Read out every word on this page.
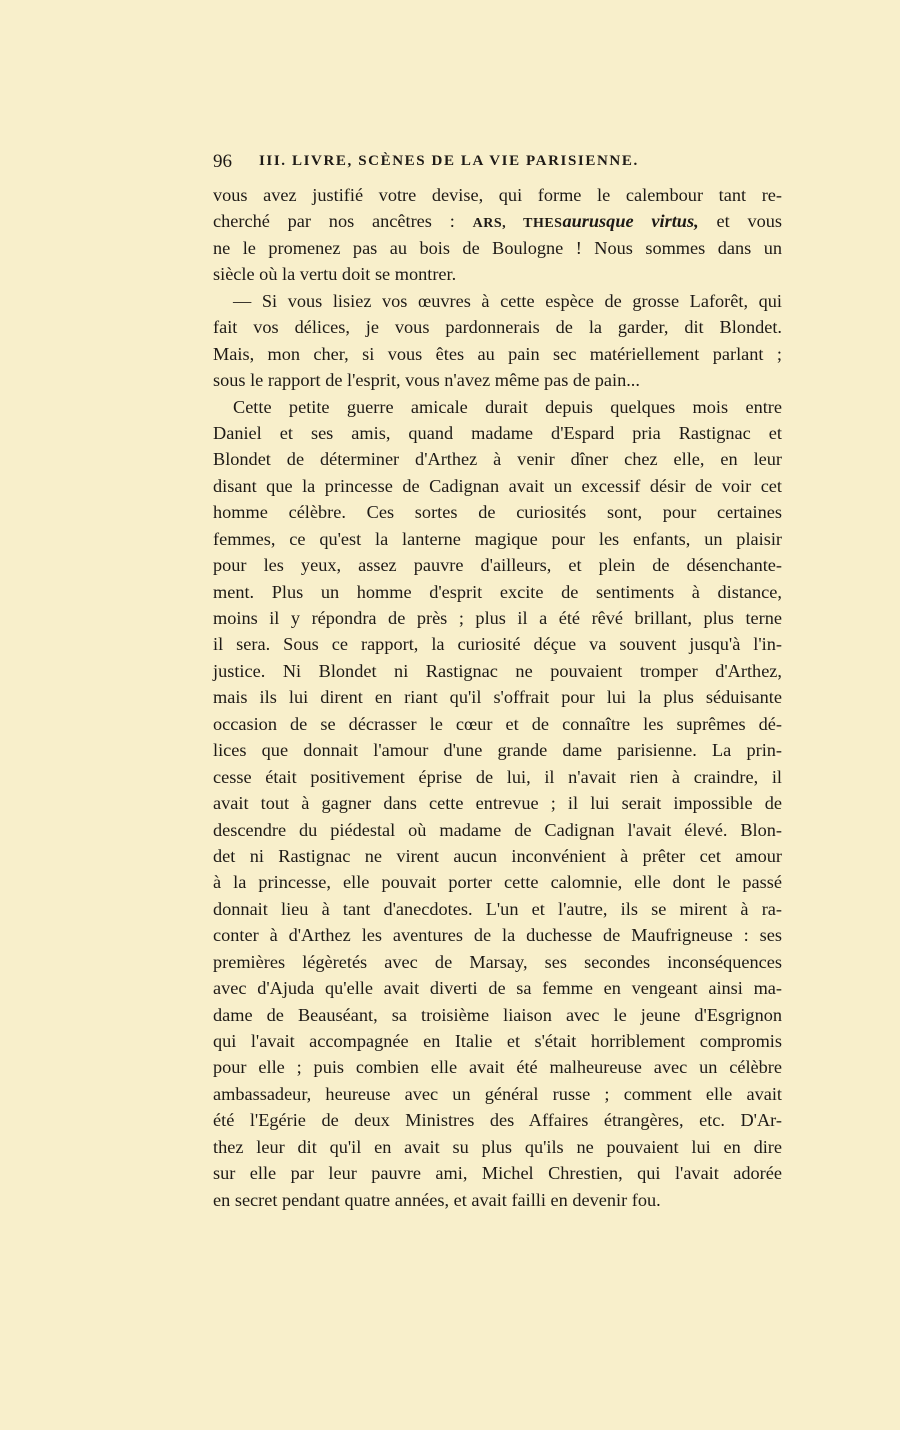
96 III. LIVRE, SCÈNES DE LA VIE PARISIENNE.
vous avez justifié votre devise, qui forme le calembour tant re-
cherché par nos ancêtres : ARS, THESaurusque virtus, et vous
ne le promenez pas au bois de Boulogne ! Nous sommes dans un
siècle où la vertu doit se montrer.
— Si vous lisiez vos œuvres à cette espèce de grosse Laforêt, qui
fait vos délices, je vous pardonnerais de la garder, dit Blondet.
Mais, mon cher, si vous êtes au pain sec matériellement parlant ;
sous le rapport de l'esprit, vous n'avez même pas de pain...
Cette petite guerre amicale durait depuis quelques mois entre
Daniel et ses amis, quand madame d'Espard pria Rastignac et
Blondet de déterminer d'Arthez à venir dîner chez elle, en leur
disant que la princesse de Cadignan avait un excessif désir de voir cet
homme célèbre. Ces sortes de curiosités sont, pour certaines
femmes, ce qu'est la lanterne magique pour les enfants, un plaisir
pour les yeux, assez pauvre d'ailleurs, et plein de désenchante-
ment. Plus un homme d'esprit excite de sentiments à distance,
moins il y répondra de près ; plus il a été rêvé brillant, plus terne
il sera. Sous ce rapport, la curiosité déçue va souvent jusqu'à l'in-
justice. Ni Blondet ni Rastignac ne pouvaient tromper d'Arthez,
mais ils lui dirent en riant qu'il s'offrait pour lui la plus séduisante
occasion de se décrasser le cœur et de connaître les suprêmes dé-
lices que donnait l'amour d'une grande dame parisienne. La prin-
cesse était positivement éprise de lui, il n'avait rien à craindre, il
avait tout à gagner dans cette entrevue ; il lui serait impossible de
descendre du piédestal où madame de Cadignan l'avait élevé. Blon-
det ni Rastignac ne virent aucun inconvénient à prêter cet amour
à la princesse, elle pouvait porter cette calomnie, elle dont le passé
donnait lieu à tant d'anecdotes. L'un et l'autre, ils se mirent à ra-
conter à d'Arthez les aventures de la duchesse de Maufrigneuse : ses
premières légèretés avec de Marsay, ses secondes inconséquences
avec d'Ajuda qu'elle avait diverti de sa femme en vengeant ainsi ma-
dame de Beauséant, sa troisième liaison avec le jeune d'Esgrignon
qui l'avait accompagnée en Italie et s'était horriblement compromis
pour elle ; puis combien elle avait été malheureuse avec un célèbre
ambassadeur, heureuse avec un général russe ; comment elle avait
été l'Egérie de deux Ministres des Affaires étrangères, etc. D'Ar-
thez leur dit qu'il en avait su plus qu'ils ne pouvaient lui en dire
sur elle par leur pauvre ami, Michel Chrestien, qui l'avait adorée
en secret pendant quatre années, et avait failli en devenir fou.
